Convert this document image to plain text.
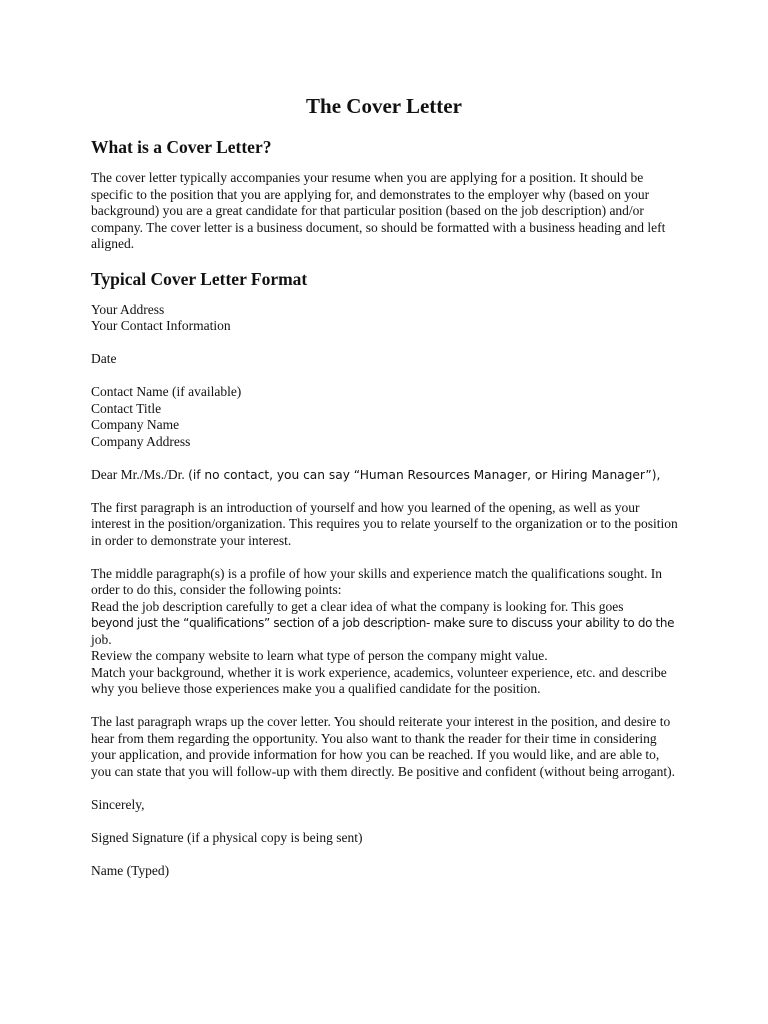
The Cover Letter
What is a Cover Letter?

The cover letter typically accompanies your resume when you are applying for a position. It should be specific to the position that you are applying for, and demonstrates to the employer why (based on your background) you are a great candidate for that particular position (based on the job description) and/or company. The cover letter is a business document, so should be formatted with a business heading and left aligned.

Typical Cover Letter Format
Your Address
Your Contact Information
Date
Contact Name (if available)
Contact Title
Company Name
Company Address
Dear Mr./Ms./Dr. (if no contact, you can say “Human Resources Manager, or Hiring Manager”),

The first paragraph is an introduction of yourself and how you learned of the opening, as well as your interest in the position/organization. This requires you to relate yourself to the organization or to the position in order to demonstrate your interest.

The middle paragraph(s) is a profile of how your skills and experience match the qualifications sought. In order to do this, consider the following points:

Read the job description carefully to get a clear idea of what the company is looking for. This goes
beyond just the “qualifications” section of a job description- make sure to discuss your ability to do the
job.
Review the company website to learn what type of person the company might value.

Match your background, whether it is work experience, academics, volunteer experience, etc. and describe why you believe those experiences make you a qualified candidate for the position.

The last paragraph wraps up the cover letter. You should reiterate your interest in the position, and desire to hear from them regarding the opportunity. You also want to thank the reader for their time in considering your application, and provide information for how you can be reached. If you would like, and are able to, you can state that you will follow-up with them directly. Be positive and confident (without being arrogant).

Sincerely,
Signed Signature (if a physical copy is being sent)
Name (Typed)
